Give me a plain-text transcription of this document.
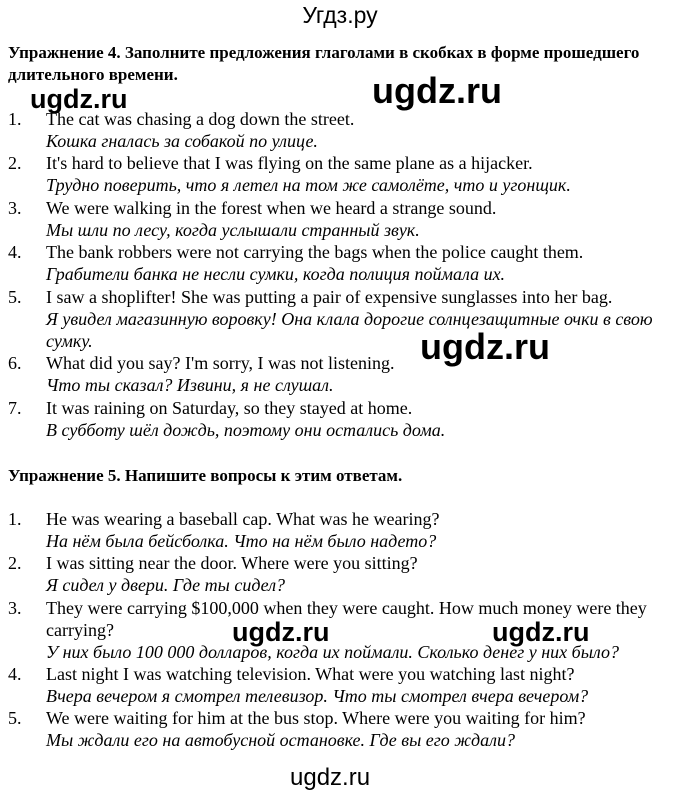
Угдз.ру
Упражнение 4. Заполните предложения глаголами в скобках в форме прошедшего длительного времени.
1. The cat was chasing a dog down the street.
Кошка гналась за собакой по улице.
2. It's hard to believe that I was flying on the same plane as a hijacker.
Трудно поверить, что я летел на том же самолёте, что и угонщик.
3. We were walking in the forest when we heard a strange sound.
Мы шли по лесу, когда услышали странный звук.
4. The bank robbers were not carrying the bags when the police caught them.
Грабители банка не несли сумки, когда полиция поймала их.
5. I saw a shoplifter! She was putting a pair of expensive sunglasses into her bag.
Я увидел магазинную воровку! Она клала дорогие солнцезащитные очки в свою сумку.
6. What did you say? I'm sorry, I was not listening.
Что ты сказал? Извини, я не слушал.
7. It was raining on Saturday, so they stayed at home.
В субботу шёл дождь, поэтому они остались дома.
Упражнение 5. Напишите вопросы к этим ответам.
1. He was wearing a baseball cap. What was he wearing?
На нём была бейсболка. Что на нём было надето?
2. I was sitting near the door. Where were you sitting?
Я сидел у двери. Где ты сидел?
3. They were carrying $100,000 when they were caught. How much money were they carrying?
У них было 100 000 долларов, когда их поймали. Сколько денег у них было?
4. Last night I was watching television. What were you watching last night?
Вчера вечером я смотрел телевизор. Что ты смотрел вчера вечером?
5. We were waiting for him at the bus stop. Where were you waiting for him?
Мы ждали его на автобусной остановке. Где вы его ждали?
ugdz.ru	ugdz.ru
ugdz.ru
ugdz.ru	ugdz.ru
ugdz.ru
